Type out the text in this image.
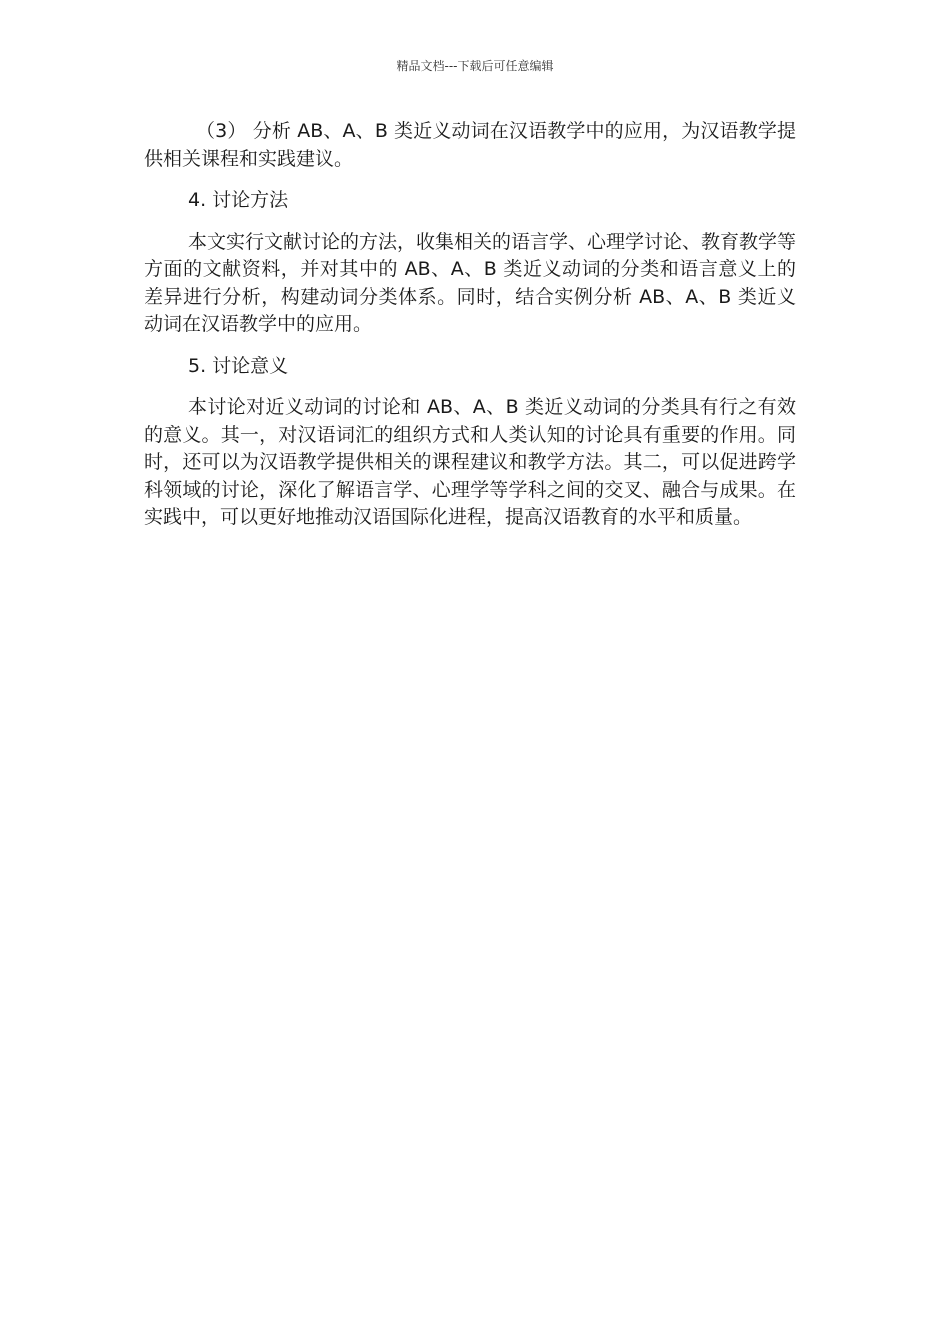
精品文档---下载后可任意编辑

（3） 分析 AB、A、B 类近义动词在汉语教学中的应用，为汉语教学提供相关课程和实践建议。

4. 讨论方法

本文实行文献讨论的方法，收集相关的语言学、心理学讨论、教育教学等方面的文献资料，并对其中的 AB、A、B 类近义动词的分类和语言意义上的差异进行分析，构建动词分类体系。同时，结合实例分析 AB、A、B 类近义动词在汉语教学中的应用。

5. 讨论意义

本讨论对近义动词的讨论和 AB、A、B 类近义动词的分类具有行之有效的意义。其一，对汉语词汇的组织方式和人类认知的讨论具有重要的作用。同时，还可以为汉语教学提供相关的课程建议和教学方法。其二，可以促进跨学科领域的讨论，深化了解语言学、心理学等学科之间的交叉、融合与成果。在实践中，可以更好地推动汉语国际化进程，提高汉语教育的水平和质量。
